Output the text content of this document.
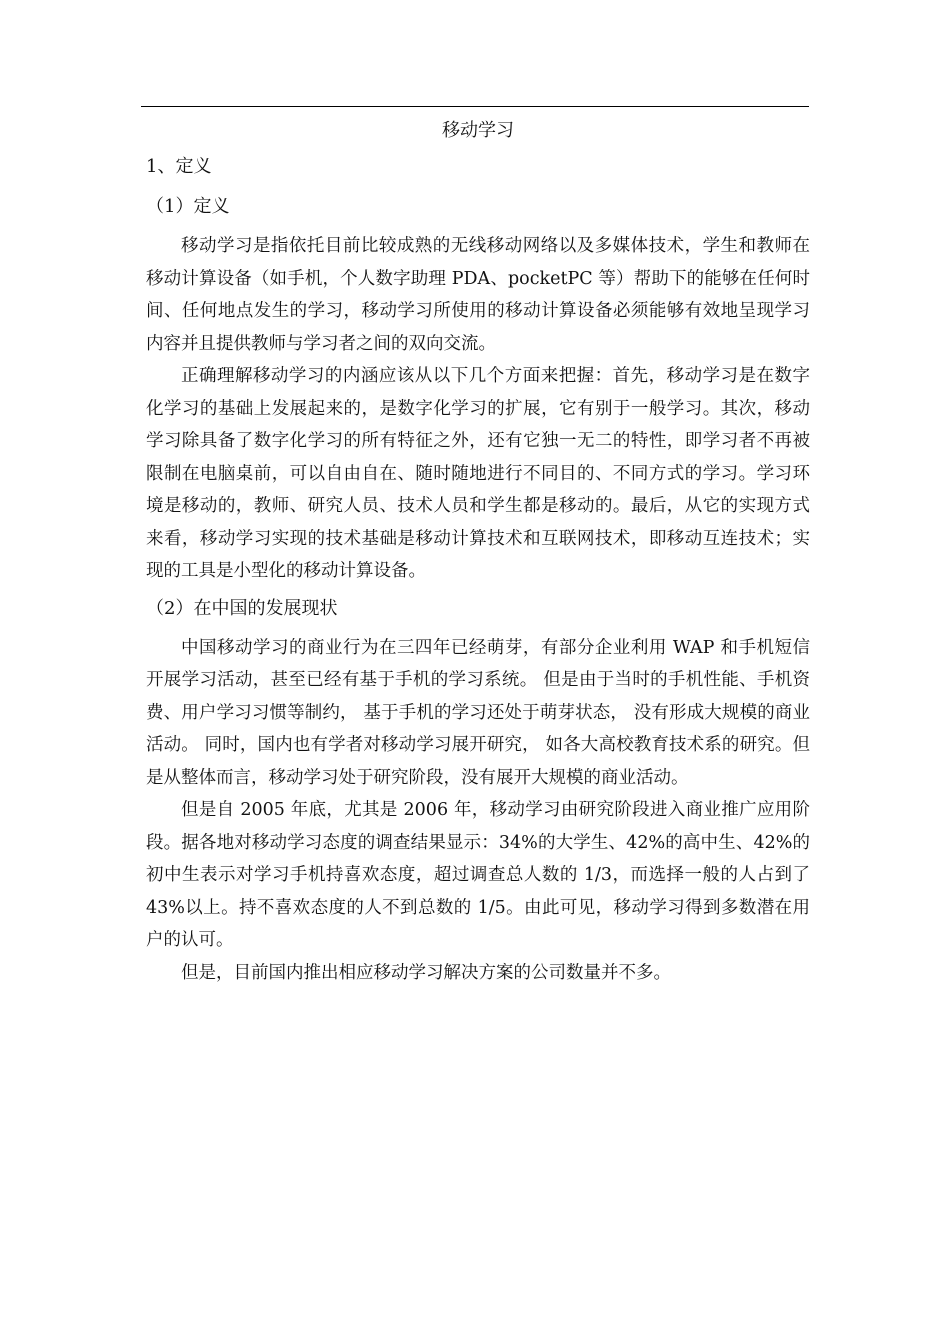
移动学习
1、定义
（1）定义

移动学习是指依托目前比较成熟的无线移动网络以及多媒体技术，学生和教师在移动计算设备（如手机，个人数字助理 PDA、pocketPC 等）帮助下的能够在任何时间、任何地点发生的学习，移动学习所使用的移动计算设备必须能够有效地呈现学习内容并且提供教师与学习者之间的双向交流。

正确理解移动学习的内涵应该从以下几个方面来把握：首先，移动学习是在数字化学习的基础上发展起来的，是数字化学习的扩展，它有别于一般学习。其次，移动学习除具备了数字化学习的所有特征之外，还有它独一无二的特性，即学习者不再被限制在电脑桌前，可以自由自在、随时随地进行不同目的、不同方式的学习。学习环境是移动的，教师、研究人员、技术人员和学生都是移动的。最后，从它的实现方式来看，移动学习实现的技术基础是移动计算技术和互联网技术，即移动互连技术；实现的工具是小型化的移动计算设备。

（2）在中国的发展现状

中国移动学习的商业行为在三四年已经萌芽，有部分企业利用 WAP 和手机短信开展学习活动，甚至已经有基于手机的学习系统。 但是由于当时的手机性能、手机资费、用户学习习惯等制约， 基于手机的学习还处于萌芽状态， 没有形成大规模的商业活动。 同时，国内也有学者对移动学习展开研究， 如各大高校教育技术系的研究。但是从整体而言，移动学习处于研究阶段，没有展开大规模的商业活动。

但是自 2005 年底，尤其是 2006 年，移动学习由研究阶段进入商业推广应用阶段。据各地对移动学习态度的调查结果显示：34%的大学生、42%的高中生、42%的初中生表示对学习手机持喜欢态度，超过调查总人数的 1/3，而选择一般的人占到了 43%以上。持不喜欢态度的人不到总数的 1/5。由此可见，移动学习得到多数潜在用户的认可。

但是，目前国内推出相应移动学习解决方案的公司数量并不多。
